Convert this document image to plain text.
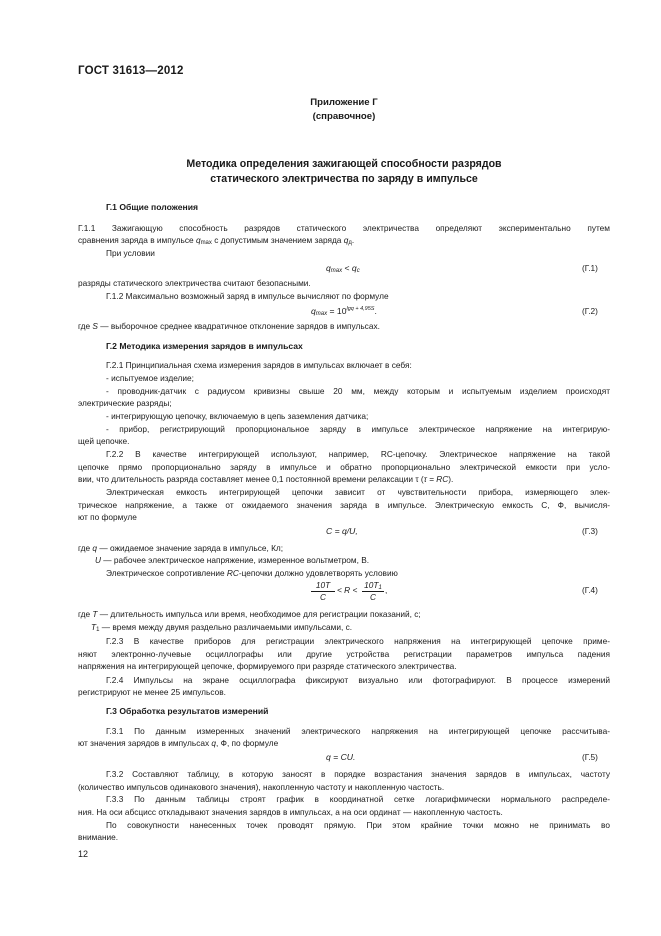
ГОСТ 31613—2012
Приложение Г
(справочное)
Методика определения зажигающей способности разрядов
статического электричества по заряду в импульсе
Г.1 Общие положения
Г.1.1 Зажигающую способность разрядов статического электричества определяют экспериментально путем
сравнения заряда в импульсе $q_{max}$ с допустимым значением заряда $q_д$.
При условии
$q_{max} < q_c$	(Г.1)
разряды статического электричества считают безопасными.
Г.1.2 Максимально возможный заряд в импульсе вычисляют по формуле
$q_{max} = 10^{lgq + 4,95S}$.	(Г.2)
где S — выборочное среднее квадратичное отклонение зарядов в импульсах.
Г.2 Методика измерения зарядов в импульсах
Г.2.1 Принципиальная схема измерения зарядов в импульсах включает в себя:
- испытуемое изделие;
- проводник-датчик с радиусом кривизны свыше 20 мм, между которым и испытуемым изделием происходят
электрические разряды;
- интегрирующую цепочку, включаемую в цепь заземления датчика;
- прибор, регистрирующий пропорциональное заряду в импульсе электрическое напряжение на интегрирую-
щей цепочке.
Г.2.2 В качестве интегрирующей используют, например, RC-цепочку. Электрическое напряжение на такой
цепочке прямо пропорционально заряду в импульсе и обратно пропорционально электрической емкости при усло-
вии, что длительность разряда составляет менее 0,1 постоянной времени релаксации τ (τ = RC).
Электрическая емкость интегрирующей цепочки зависит от чувствительности прибора, измеряющего элек-
трическое напряжение, а также от ожидаемого значения заряда в импульсе. Электрическую емкость C, Ф, вычисля-
ют по формуле
C = q/U,	(Г.3)
где q — ожидаемое значение заряда в импульсе, Кл;
U — рабочее электрическое напряжение, измеренное вольтметром, В.
Электрическое сопротивление RC-цепочки должно удовлетворять условию
$\frac{10T}{C} < R < \frac{10T_1}{C}$ ,	(Г.4)
где T — длительность импульса или время, необходимое для регистрации показаний, с;
$T_1$ — время между двумя раздельно различаемыми импульсами, с.
Г.2.3 В качестве приборов для регистрации электрического напряжения на интегрирующей цепочке приме-
няют электронно-лучевые осциллографы или другие устройства регистрации параметров импульса падения
напряжения на интегрирующей цепочке, формируемого при разряде статического электричества.
Г.2.4 Импульсы на экране осциллографа фиксируют визуально или фотографируют. В процессе измерений
регистрируют не менее 25 импульсов.
Г.3 Обработка результатов измерений
Г.3.1 По данным измеренных значений электрического напряжения на интегрирующей цепочке рассчитыва-
ют значения зарядов в импульсах q, Ф, по формуле
q = CU.	(Г.5)
Г.3.2 Составляют таблицу, в которую заносят в порядке возрастания значения зарядов в импульсах, частоту
(количество импульсов одинакового значения), накопленную частоту и накопленную частость.
Г.3.3 По данным таблицы строят график в координатной сетке логарифмически нормального распределе-
ния. На оси абсцисс откладывают значения зарядов в импульсах, а на оси ординат — накопленную частость.
По совокупности нанесенных точек проводят прямую. При этом крайние точки можно не принимать во
внимание.
12
